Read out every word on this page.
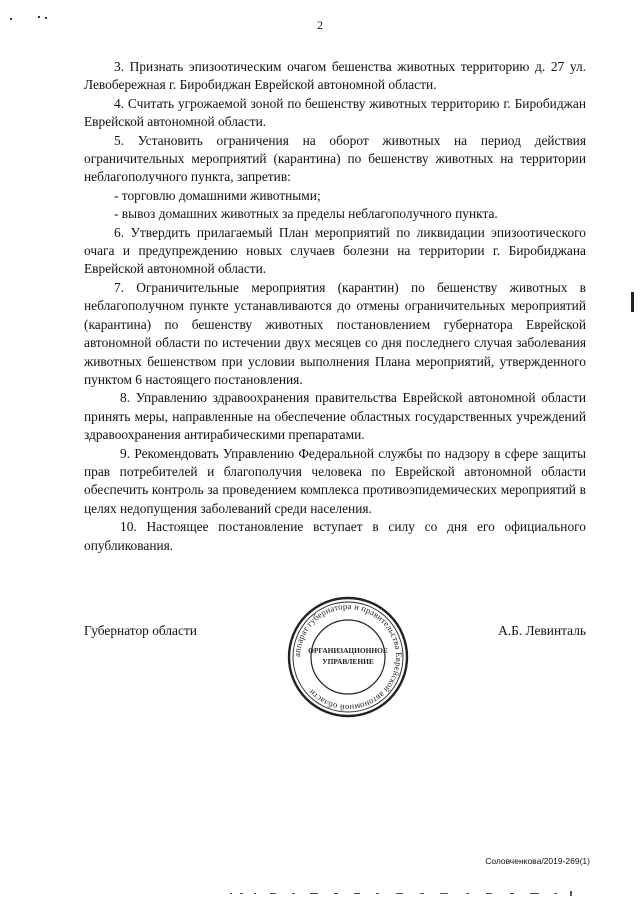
2

3. Признать эпизоотическим очагом бешенства животных территорию д. 27 ул. Левобережная г. Биробиджан Еврейской автономной области.

4. Считать угрожаемой зоной по бешенству животных территорию г. Биробиджан Еврейской автономной области.

5. Установить ограничения на оборот животных на период действия ограничительных мероприятий (карантина) по бешенству животных на территории неблагополучного пункта, запретив:

- торговлю домашними животными;

- вывоз домашних животных за пределы неблагополучного пункта.

6. Утвердить прилагаемый План мероприятий по ликвидации эпизоотического очага и предупреждению новых случаев болезни на территории г. Биробиджана Еврейской автономной области.

7. Ограничительные мероприятия (карантин) по бешенству животных в неблагополучном пункте устанавливаются до отмены ограничительных мероприятий (карантина) по бешенству животных постановлением губернатора Еврейской автономной области по истечении двух месяцев со дня последнего случая заболевания животных бешенством при условии выполнения Плана мероприятий, утвержденного пунктом 6 настоящего постановления.

8. Управлению здравоохранения правительства Еврейской автономной области принять меры, направленные на обеспечение областных государственных учреждений здравоохранения антирабическими препаратами.

9. Рекомендовать Управлению Федеральной службы по надзору в сфере защиты прав потребителей и благополучия человека по Еврейской автономной области обеспечить контроль за проведением комплекса противоэпидемических мероприятий в целях недопущения заболеваний среди населения.

10. Настоящее постановление вступает в силу со дня его официального опубликования.

Губернатор области	А.Б. Левинталь
аппарат губернатора и правительства Еврейской автономной области
ОРГАНИЗАЦИОННОЕ
УПРАВЛЕНИЕ
Соловченкова/2019-269(1)
